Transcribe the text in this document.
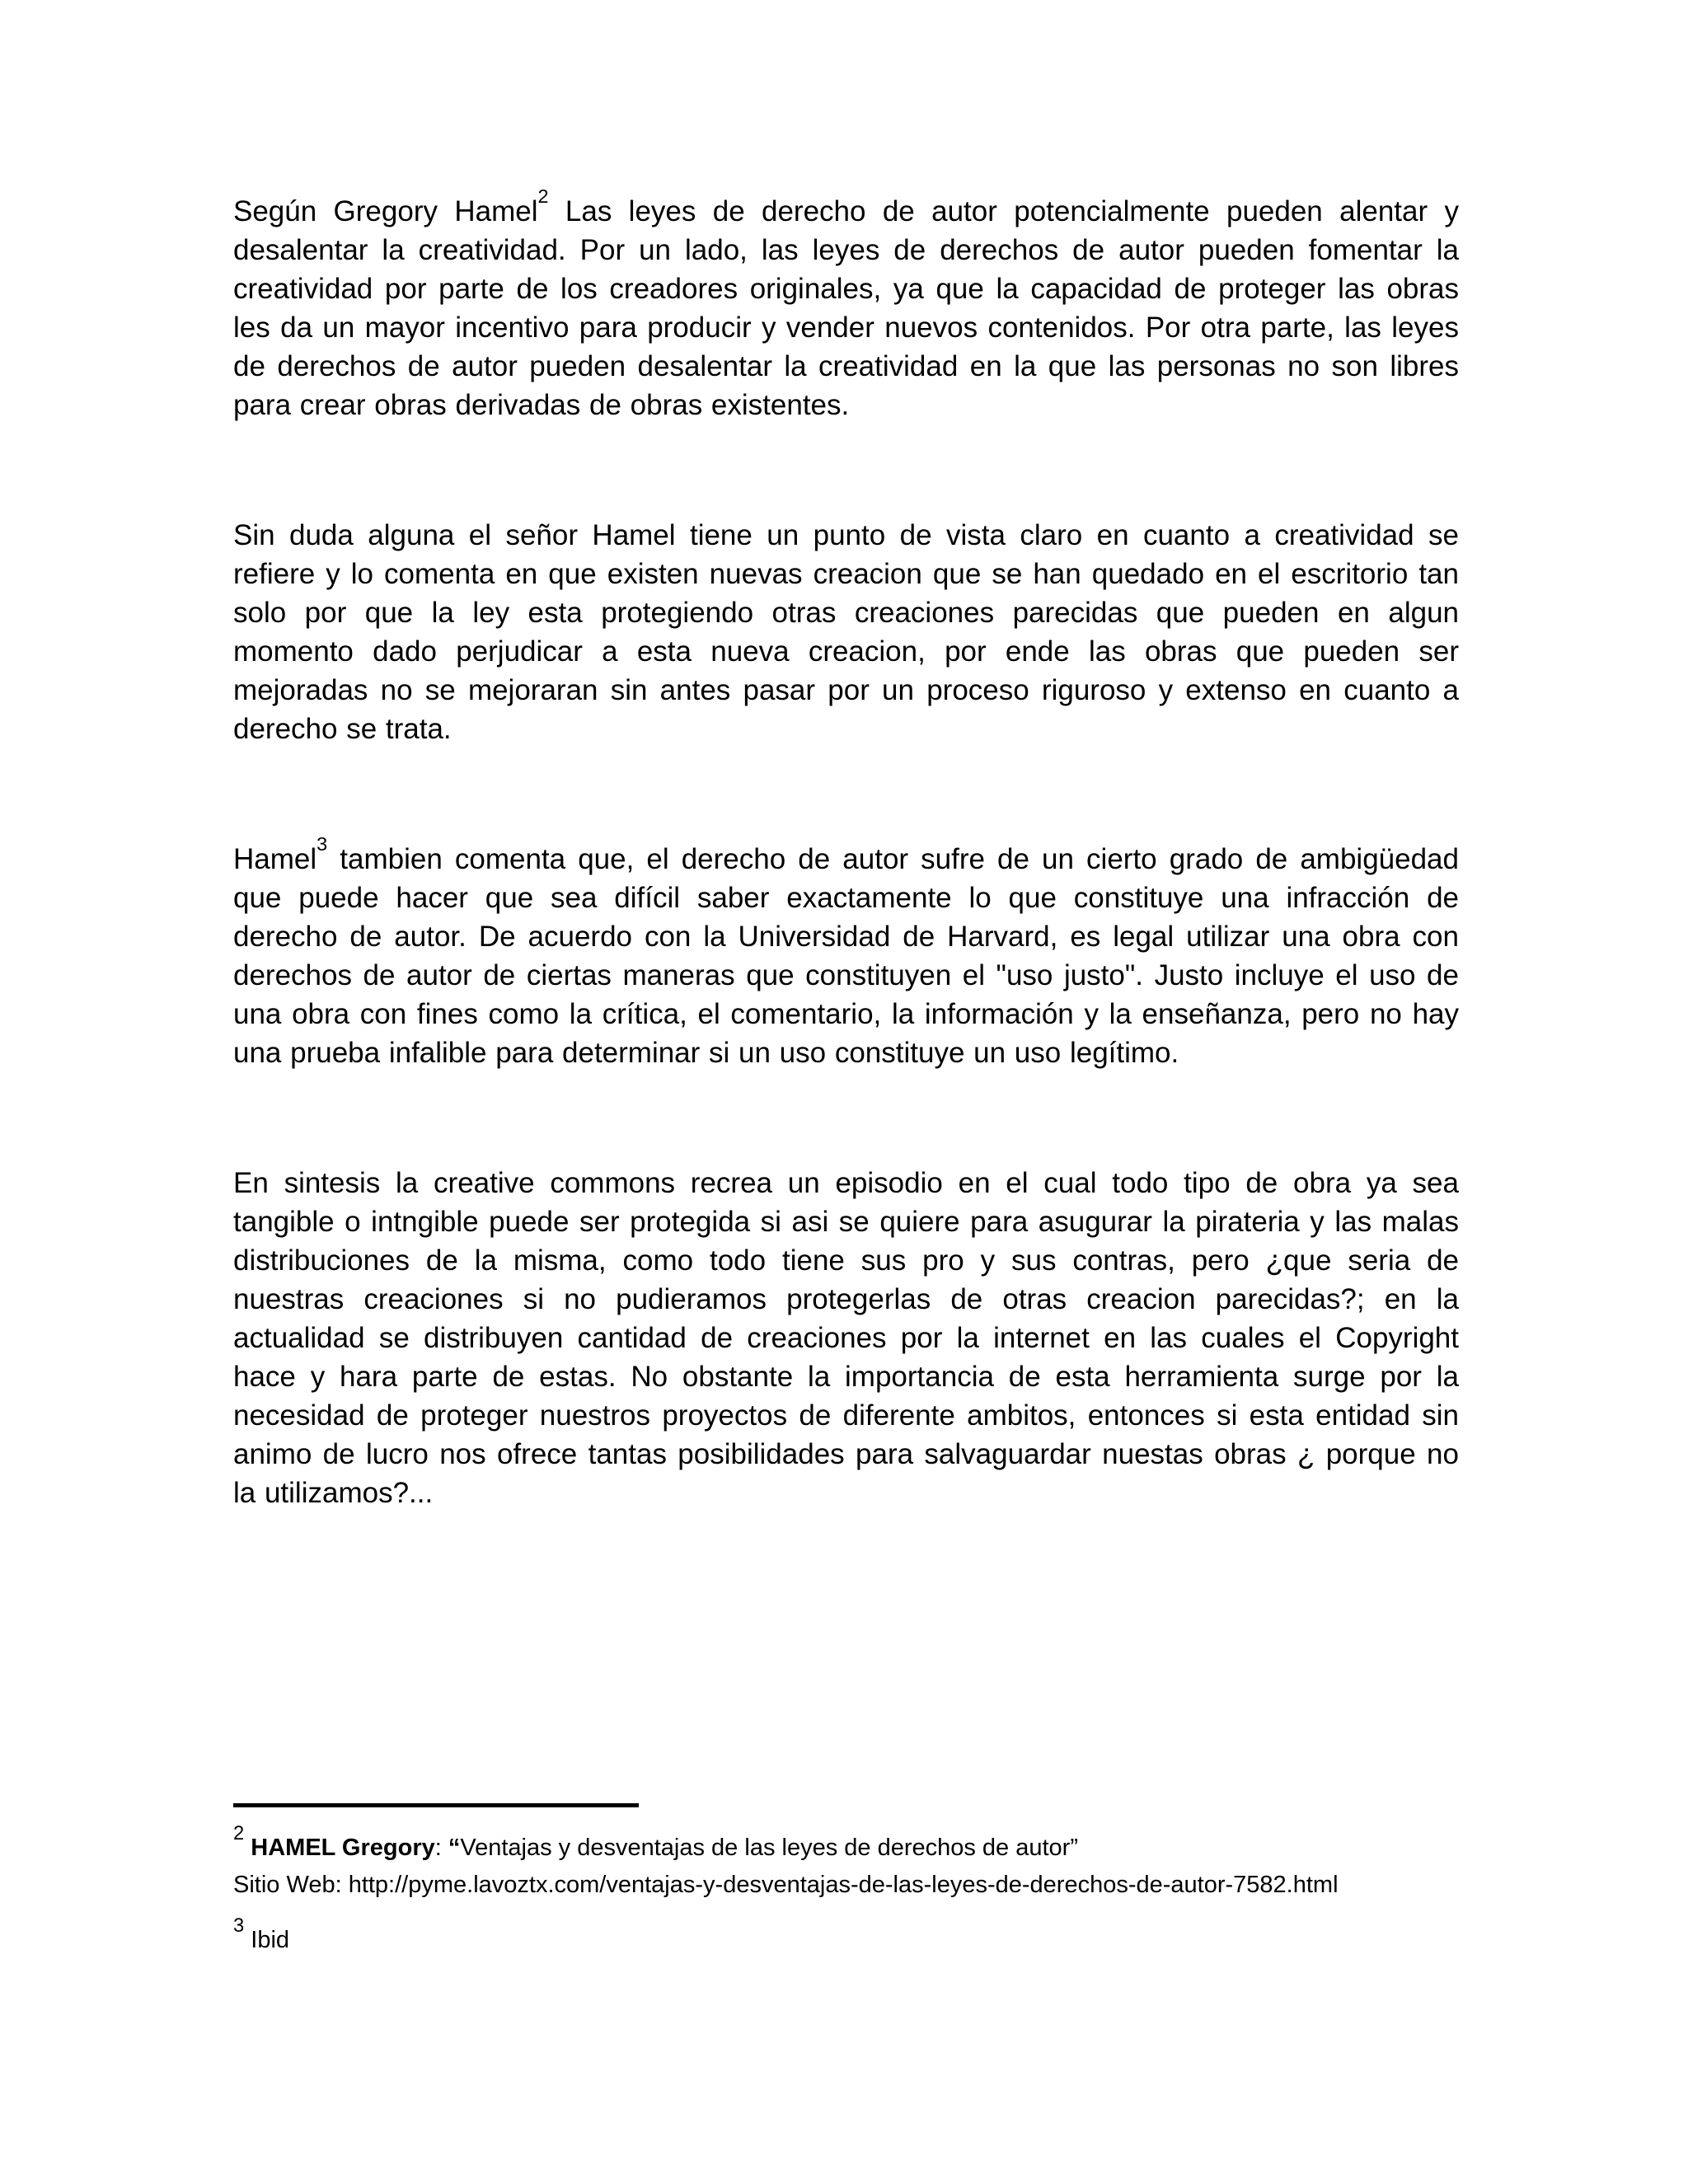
Según Gregory Hamel$^2$ Las leyes de derecho de autor potencialmente pueden alentar y desalentar la creatividad. Por un lado, las leyes de derechos de autor pueden fomentar la creatividad por parte de los creadores originales, ya que la capacidad de proteger las obras les da un mayor incentivo para producir y vender nuevos contenidos. Por otra parte, las leyes de derechos de autor pueden desalentar la creatividad en la que las personas no son libres para crear obras derivadas de obras existentes.

Sin duda alguna el señor Hamel tiene un punto de vista claro en cuanto a creatividad se refiere y lo comenta en que existen nuevas creacion que se han quedado en el escritorio tan solo por que la ley esta protegiendo otras creaciones parecidas que pueden en algun momento dado perjudicar a esta nueva creacion, por ende las obras que pueden ser mejoradas no se mejoraran sin antes pasar por un proceso riguroso y extenso en cuanto a derecho se trata.

Hamel$^3$ tambien comenta que, el derecho de autor sufre de un cierto grado de ambigüedad que puede hacer que sea difícil saber exactamente lo que constituye una infracción de derecho de autor. De acuerdo con la Universidad de Harvard, es legal utilizar una obra con derechos de autor de ciertas maneras que constituyen el "uso justo". Justo incluye el uso de una obra con fines como la crítica, el comentario, la información y la enseñanza, pero no hay una prueba infalible para determinar si un uso constituye un uso legítimo.

En sintesis la creative commons recrea un episodio en el cual todo tipo de obra ya sea tangible o intngible puede ser protegida si asi se quiere para asugurar la pirateria y las malas distribuciones de la misma, como todo tiene sus pro y sus contras, pero ¿que seria de nuestras creaciones si no pudieramos protegerlas de otras creacion parecidas?; en la actualidad se distribuyen cantidad de creaciones por la internet en las cuales el Copyright hace y hara parte de estas. No obstante la importancia de esta herramienta surge por la necesidad de proteger nuestros proyectos de diferente ambitos, entonces si esta entidad sin animo de lucro nos ofrece tantas posibilidades para salvaguardar nuestas obras ¿ porque no la utilizamos?...

$^2$ HAMEL Gregory: “Ventajas y desventajas de las leyes de derechos de autor”
Sitio Web: http://pyme.lavoztx.com/ventajas-y-desventajas-de-las-leyes-de-derechos-de-autor-7582.html
$^3$ Ibid
